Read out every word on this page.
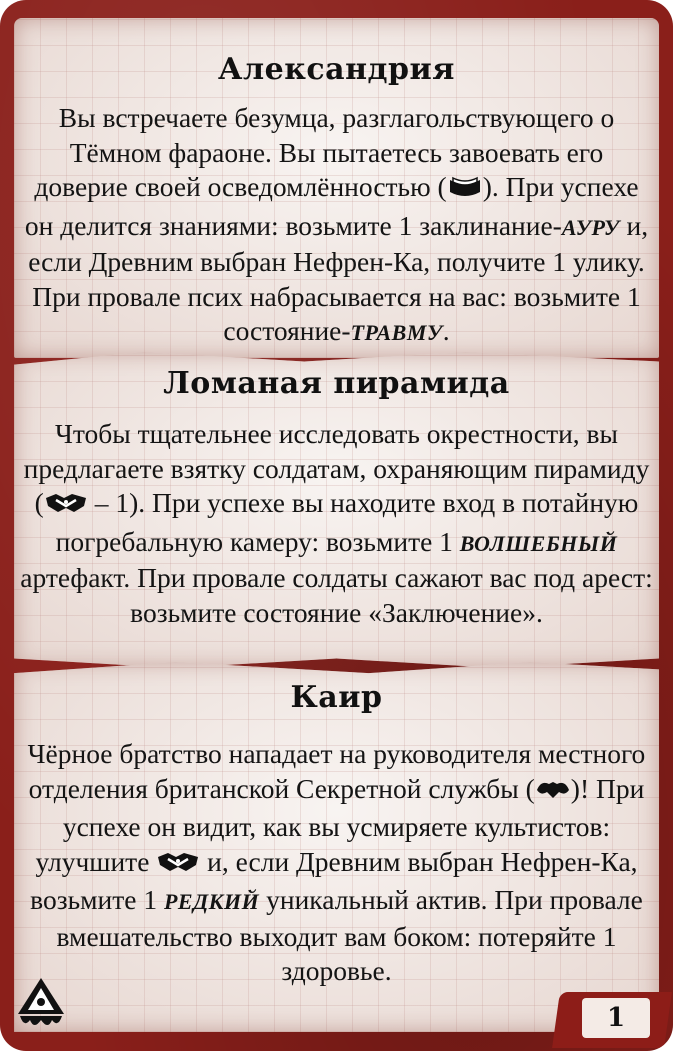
Александрия

Вы встречаете безумца, разглагольствующего о Тёмном фараоне. Вы пытаетесь завоевать его доверие своей осведомлённостью ( ). При успехе он делится знаниями: возьмите 1 заклинание-АУРУ и, если Древним выбран Нефрен-Ка, получите 1 улику. При провале псих набрасывается на вас: возьмите 1 состояние-ТРАВМУ.

Ломаная пирамида

Чтобы тщательнее исследовать окрестности, вы предлагаете взятку солдатам, охраняющим пирамиду ( – 1). При успехе вы находите вход в потайную погребальную камеру: возьмите 1 ВОЛШЕБНЫЙ артефакт. При провале солдаты сажают вас под арест: возьмите состояние «Заключение».

Каир

Чёрное братство нападает на руководителя местного отделения британской Секретной службы ( )! При успехе он видит, как вы усмиряете культистов: улучшите  и, если Древним выбран Нефрен-Ка, возьмите 1 РЕДКИЙ уникальный актив. При провале вмешательство выходит вам боком: потеряйте 1 здоровье.

1
